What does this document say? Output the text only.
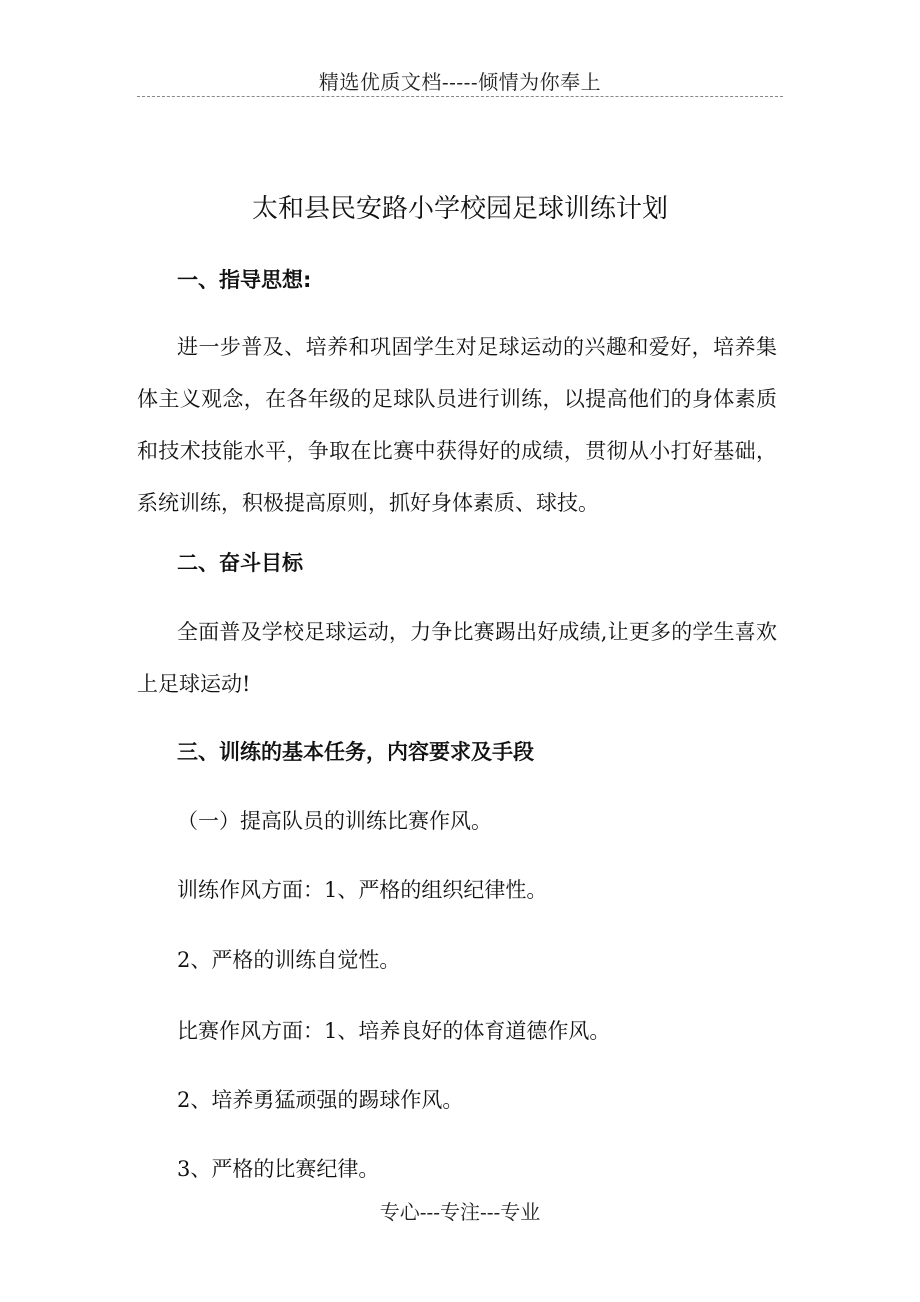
精选优质文档-----倾情为你奉上
太和县民安路小学校园足球训练计划
一、指导思想:
进一步普及、培养和巩固学生对足球运动的兴趣和爱好，培养集体主义观念，在各年级的足球队员进行训练，以提高他们的身体素质和技术技能水平，争取在比赛中获得好的成绩，贯彻从小打好基础，系统训练，积极提高原则，抓好身体素质、球技。
二、奋斗目标
全面普及学校足球运动，力争比赛踢出好成绩,让更多的学生喜欢上足球运动!
三、训练的基本任务，内容要求及手段
（一）提高队员的训练比赛作风。
训练作风方面：1、严格的组织纪律性。
2、严格的训练自觉性。
比赛作风方面：1、培养良好的体育道德作风。
2、培养勇猛顽强的踢球作风。
3、严格的比赛纪律。
专心---专注---专业
